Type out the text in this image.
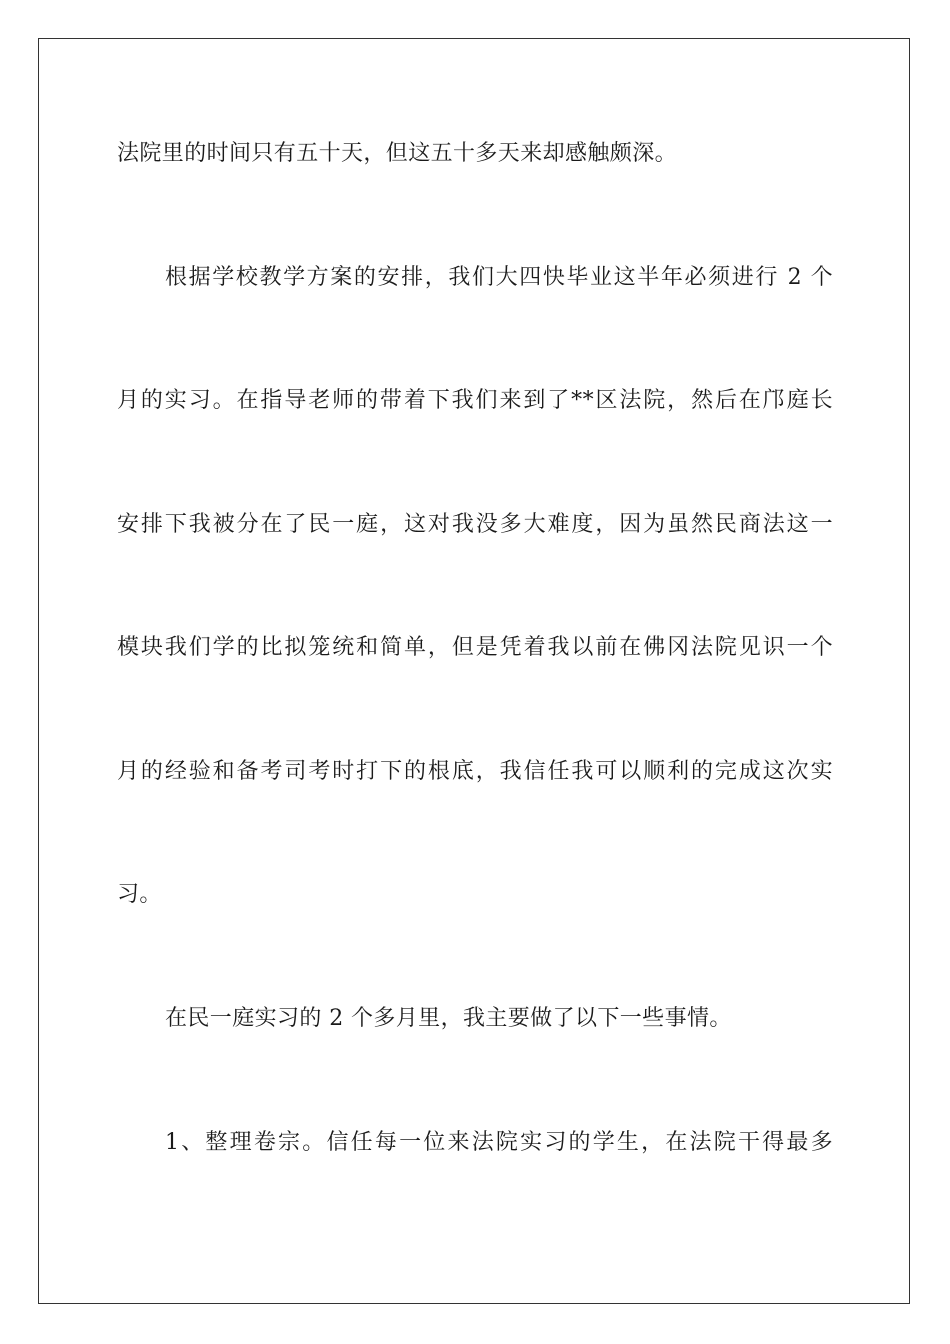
法院里的时间只有五十天，但这五十多天来却感触颇深。
根据学校教学方案的安排，我们大四快毕业这半年必须进行 2 个
月的实习。在指导老师的带着下我们来到了**区法院，然后在邝庭长
安排下我被分在了民一庭，这对我没多大难度，因为虽然民商法这一
模块我们学的比拟笼统和简单，但是凭着我以前在佛冈法院见识一个
月的经验和备考司考时打下的根底，我信任我可以顺利的完成这次实
习。
在民一庭实习的 2 个多月里，我主要做了以下一些事情。
1、整理卷宗。信任每一位来法院实习的学生，在法院干得最多
